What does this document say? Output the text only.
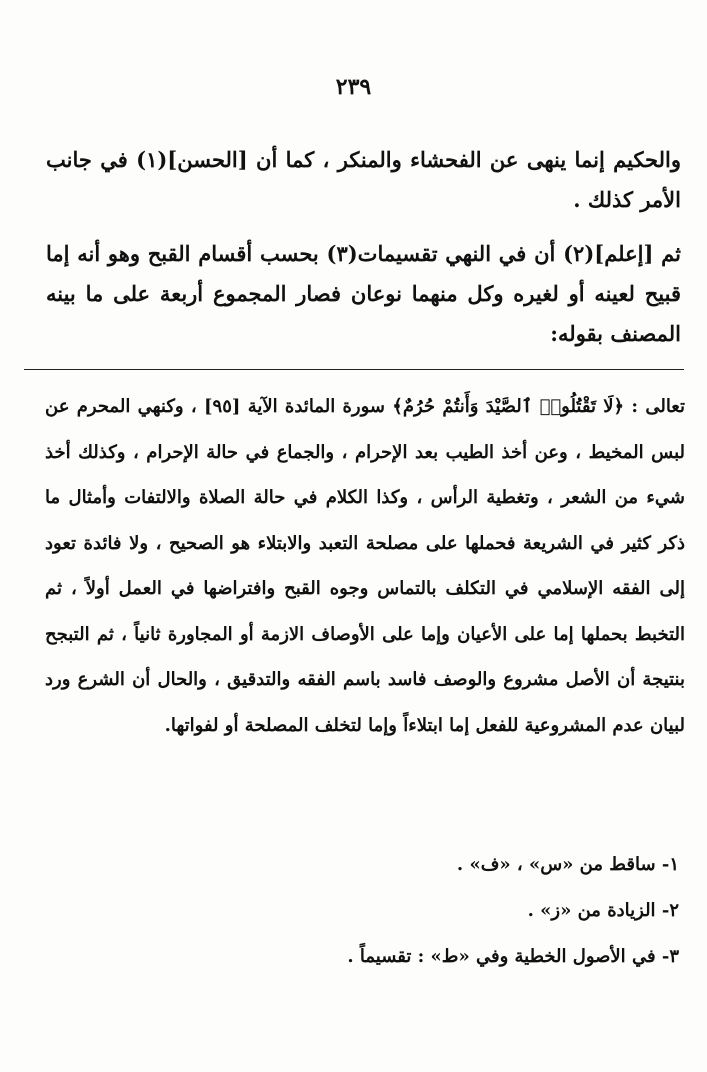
٢٣٩

والحكيم إنما ينهى عن الفحشاء والمنكر ، كما أن [الحسن](١) في جانب الأمر كذلك .

ثم [إعلم](٢) أن في النهي تقسيمات(٣) بحسب أقسام القبح وهو أنه إما قبيح لعينه أو لغيره وكل منهما نوعان فصار المجموع أربعة على ما بينه المصنف بقوله:

تعالى : ﴿لَا تَقْتُلُوا۟ ٱلصَّيْدَ وَأَنتُمْ حُرُمٌ﴾ سورة المائدة الآية [٩٥] ، وكنهي المحرم عن لبس المخيط ، وعن أخذ الطيب بعد الإحرام ، والجماع في حالة الإحرام ، وكذلك أخذ شيء من الشعر ، وتغطية الرأس ، وكذا الكلام في حالة الصلاة والالتفات وأمثال ما ذكر كثير في الشريعة فحملها على مصلحة التعبد والابتلاء هو الصحيح ، ولا فائدة تعود إلى الفقه الإسلامي في التكلف بالتماس وجوه القبح وافتراضها في العمل أولاً ، ثم التخبط بحملها إما على الأعيان وإما على الأوصاف الازمة أو المجاورة ثانياً ، ثم التبجح بنتيجة أن الأصل مشروع والوصف فاسد باسم الفقه والتدقيق ، والحال أن الشرع ورد لبيان عدم المشروعية للفعل إما ابتلاءاً وإما لتخلف المصلحة أو لفواتها.

١- ساقط من «س» ، «ف» .
٢- الزيادة من «ز» .
٣- في الأصول الخطية وفي «ط» : تقسيماً .
